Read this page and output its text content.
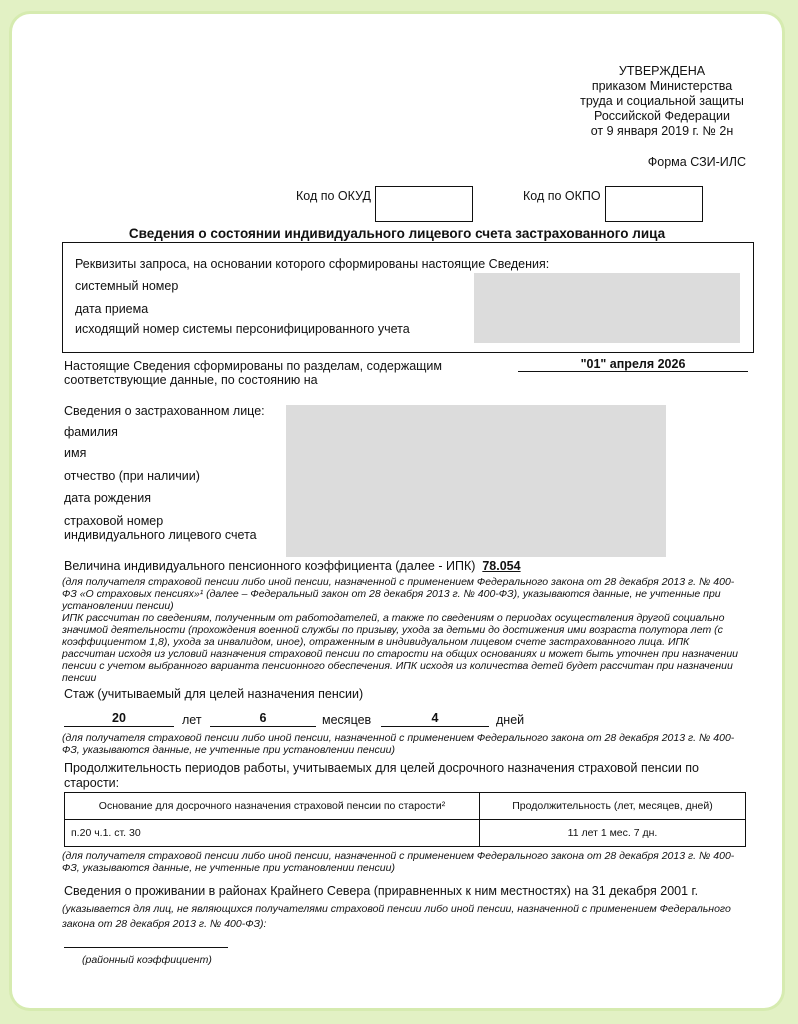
УТВЕРЖДЕНА
приказом Министерства
труда и социальной защиты
Российской Федерации
от 9 января 2019 г. № 2н
Форма СЗИ-ИЛС
Код по ОКУД	Код по ОКПО
Сведения о состоянии индивидуального лицевого счета застрахованного лица
Реквизиты запроса, на основании которого сформированы настоящие Сведения:
системный номер
дата приема
исходящий номер системы персонифицированного учета
Настоящие Сведения сформированы по разделам, содержащим
соответствующие данные, по состоянию на
"01" апреля 2026
Сведения о застрахованном лице:
фамилия
имя
отчество (при наличии)
дата рождения
страховой номер
индивидуального лицевого счета
Величина индивидуального пенсионного коэффициента (далее - ИПК) 78.054
(для получателя страховой пенсии либо иной пенсии, назначенной с применением Федерального закона от 28 декабря 2013 г. № 400-
ФЗ «О страховых пенсиях»¹ (далее – Федеральный закон от 28 декабря 2013 г. № 400-ФЗ), указываются данные, не учтенные при
установлении пенсии)
ИПК рассчитан по сведениям, полученным от работодателей, а также по сведениям о периодах осуществления другой социально
значимой деятельности (прохождения военной службы по призыву, ухода за детьми до достижения ими возраста полутора лет (с
коэффициентом 1,8), ухода за инвалидом, иное), отраженным в индивидуальном лицевом счете застрахованного лица. ИПК
рассчитан исходя из условий назначения страховой пенсии по старости на общих основаниях и может быть уточнен при назначении
пенсии с учетом выбранного варианта пенсионного обеспечения. ИПК исходя из количества детей будет рассчитан при назначении
пенсии
Стаж (учитываемый для целей назначения пенсии)
20	лет	6	месяцев	4	дней
(для получателя страховой пенсии либо иной пенсии, назначенной с применением Федерального закона от 28 декабря 2013 г. № 400-
ФЗ, указываются данные, не учтенные при установлении пенсии)
Продолжительность периодов работы, учитываемых для целей досрочного назначения страховой пенсии по
старости:
Основание для досрочного назначения страховой пенсии по старости²	Продолжительность (лет, месяцев, дней)
п.20 ч.1. ст. 30	11 лет 1 мес. 7 дн.
(для получателя страховой пенсии либо иной пенсии, назначенной с применением Федерального закона от 28 декабря 2013 г. № 400-
ФЗ, указываются данные, не учтенные при установлении пенсии)
Сведения о проживании в районах Крайнего Севера (приравненных к ним местностях) на 31 декабря 2001 г.
(указывается для лиц, не являющихся получателями страховой пенсии либо иной пенсии, назначенной с применением Федерального
закона от 28 декабря 2013 г. № 400-ФЗ):
(районный коэффициент)
